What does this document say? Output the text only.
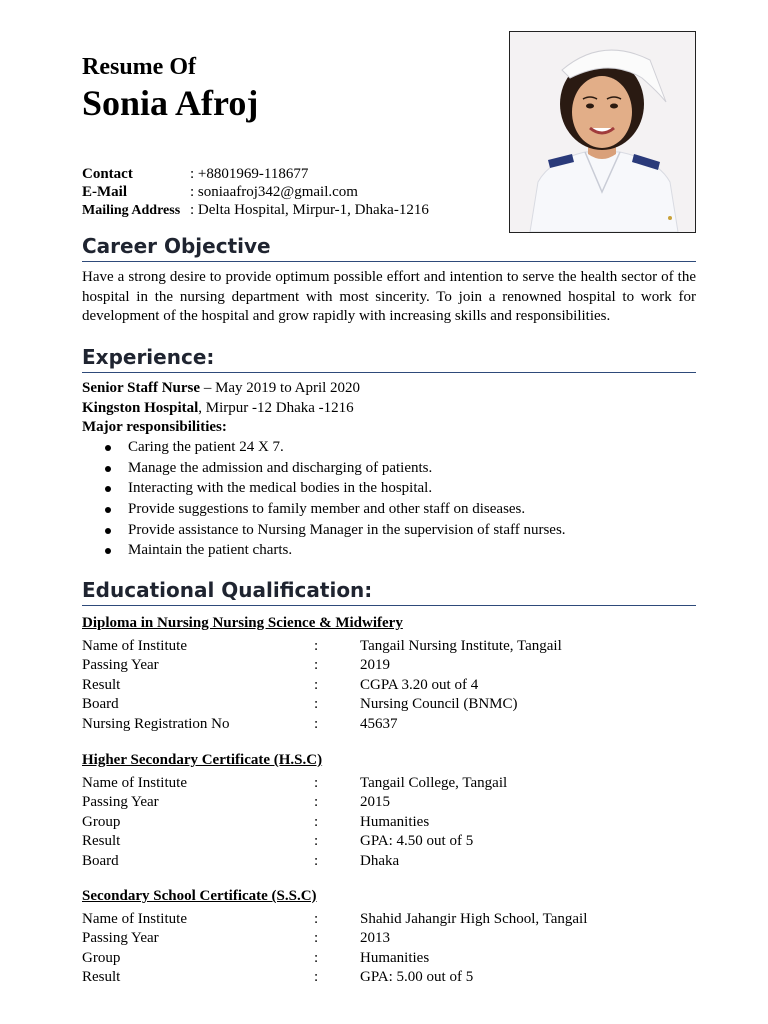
Resume Of
Sonia Afroj
Contact	: +8801969-118677
E-Mail	: soniaafroj342@gmail.com
Mailing Address : Delta Hospital, Mirpur-1, Dhaka-1216
Career Objective
Have a strong desire to provide optimum possible effort and intention to serve the health sector of the hospital in the nursing department with most sincerity. To join a renowned hospital to work for development of the hospital and grow rapidly with increasing skills and responsibilities.
Experience:
Senior Staff Nurse – May 2019 to April 2020
Kingston Hospital, Mirpur -12 Dhaka -1216
Major responsibilities:
Caring the patient 24 X 7.
Manage the admission and discharging of patients.
Interacting with the medical bodies in the hospital.
Provide suggestions to family member and other staff on diseases.
Provide assistance to Nursing Manager in the supervision of staff nurses.
Maintain the patient charts.
Educational Qualification:
Diploma in Nursing Nursing Science & Midwifery
Name of Institute	:	Tangail Nursing Institute, Tangail
Passing Year	:	2019
Result	:	CGPA 3.20 out of 4
Board	:	Nursing Council (BNMC)
Nursing Registration No	:	45637
Higher Secondary Certificate (H.S.C)
Name of Institute	:	Tangail College, Tangail
Passing Year	:	2015
Group	:	Humanities
Result	:	GPA: 4.50 out of 5
Board	:	Dhaka
Secondary School Certificate (S.S.C)
Name of Institute	:	Shahid Jahangir High School, Tangail
Passing Year	:	2013
Group	:	Humanities
Result	:	GPA: 5.00 out of 5
